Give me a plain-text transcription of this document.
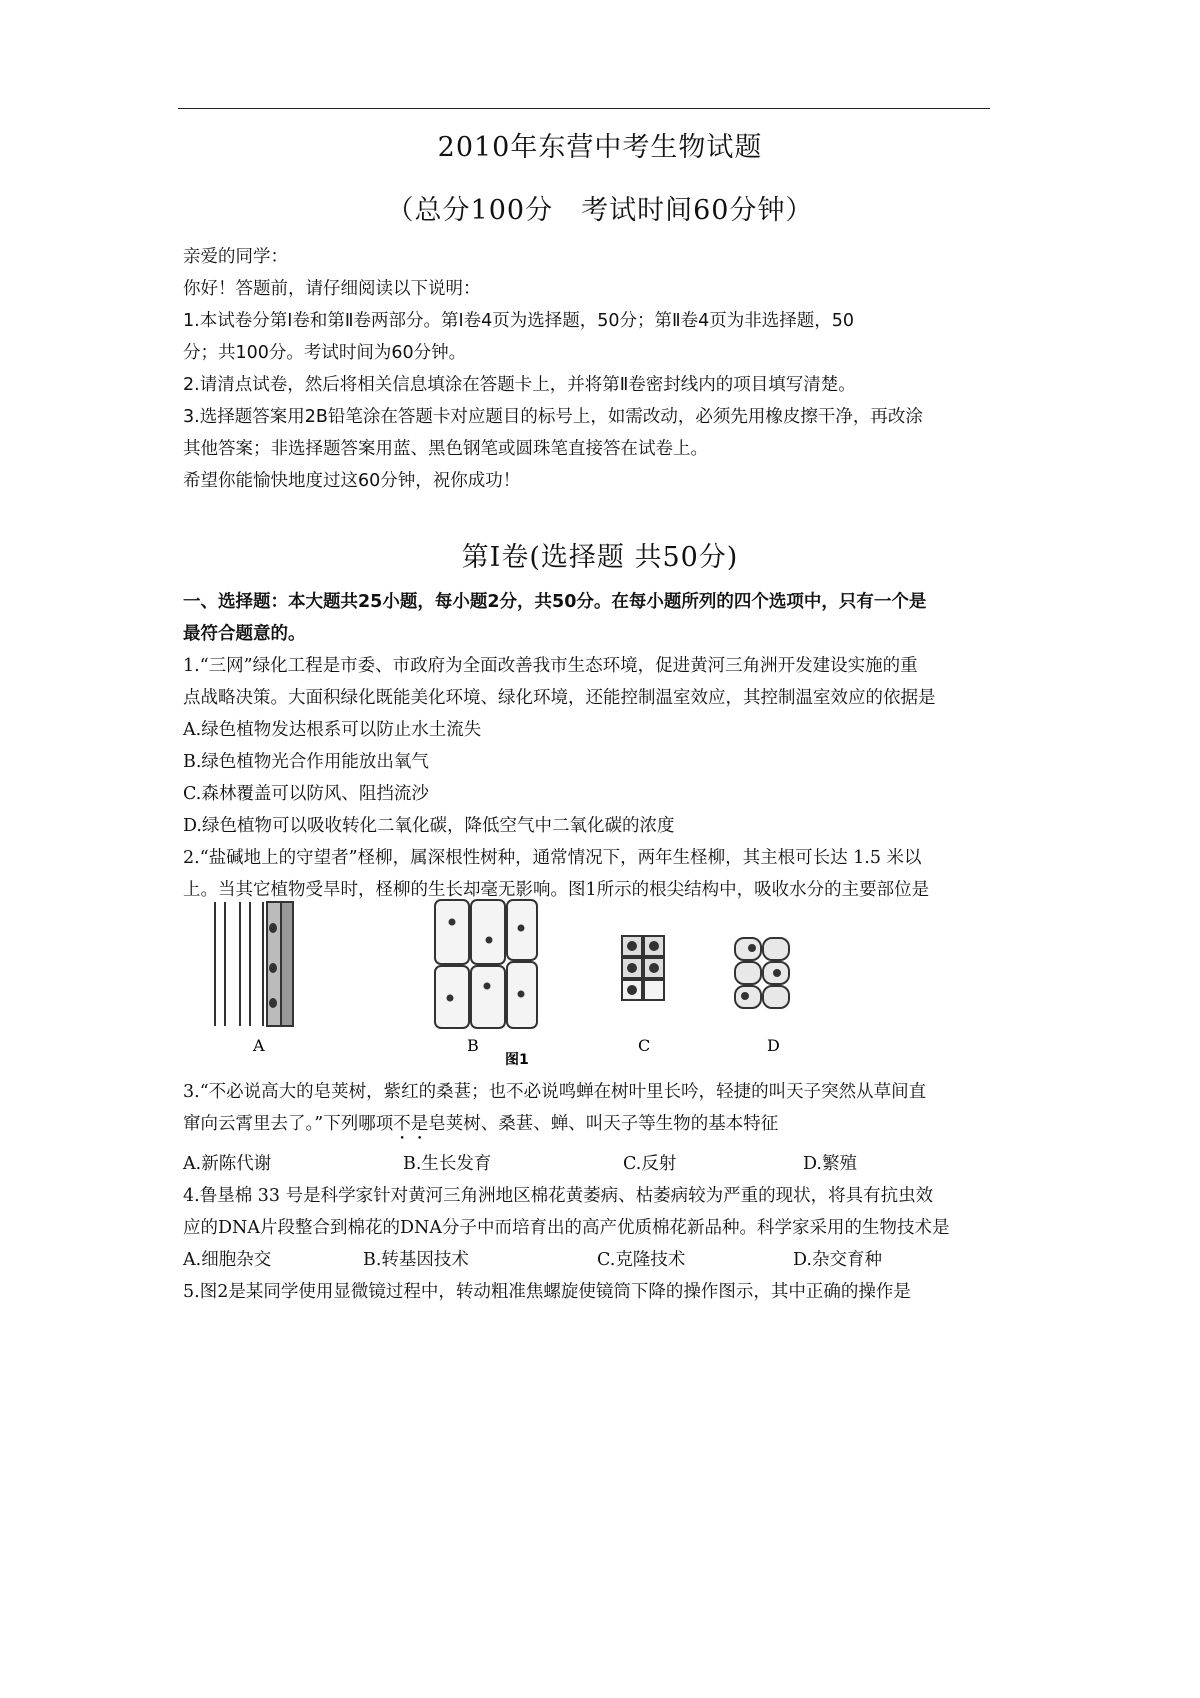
2010年东营中考生物试题
（总分100分　考试时间60分钟）
亲爱的同学：
你好！答题前，请仔细阅读以下说明：
1.本试卷分第Ⅰ卷和第Ⅱ卷两部分。第Ⅰ卷4页为选择题，50分；第Ⅱ卷4页为非选择题，50
分；共100分。考试时间为60分钟。
2.请清点试卷，然后将相关信息填涂在答题卡上，并将第Ⅱ卷密封线内的项目填写清楚。
3.选择题答案用2B铅笔涂在答题卡对应题目的标号上，如需改动，必须先用橡皮擦干净，再改涂
其他答案；非选择题答案用蓝、黑色钢笔或圆珠笔直接答在试卷上。
希望你能愉快地度过这60分钟，祝你成功！
第Ⅰ卷(选择题 共50分)
一、选择题：本大题共25小题，每小题2分，共50分。在每小题所列的四个选项中，只有一个是
最符合题意的。
1.“三网”绿化工程是市委、市政府为全面改善我市生态环境，促进黄河三角洲开发建设实施的重
点战略决策。大面积绿化既能美化环境、绿化环境，还能控制温室效应，其控制温室效应的依据是
A.绿色植物发达根系可以防止水土流失
B.绿色植物光合作用能放出氧气
C.森林覆盖可以防风、阻挡流沙
D.绿色植物可以吸收转化二氧化碳，降低空气中二氧化碳的浓度
2.“盐碱地上的守望者”柽柳，属深根性树种，通常情况下，两年生柽柳，其主根可长达 1.5 米以
上。当其它植物受旱时，柽柳的生长却毫无影响。图1所示的根尖结构中，吸收水分的主要部位是
A	B	C	D
图1
3.“不必说高大的皂荚树，紫红的桑葚；也不必说鸣蝉在树叶里长吟，轻捷的叫天子突然从草间直
窜向云霄里去了。”下列哪项不是皂荚树、桑葚、蝉、叫天子等生物的基本特征
A.新陈代谢	B.生长发育	C.反射	D.繁殖
4.鲁垦棉 33 号是科学家针对黄河三角洲地区棉花黄萎病、枯萎病较为严重的现状，将具有抗虫效
应的DNA片段整合到棉花的DNA分子中而培育出的高产优质棉花新品种。科学家采用的生物技术是
A.细胞杂交	B.转基因技术	C.克隆技术	D.杂交育种
5.图2是某同学使用显微镜过程中，转动粗准焦螺旋使镜筒下降的操作图示，其中正确的操作是
